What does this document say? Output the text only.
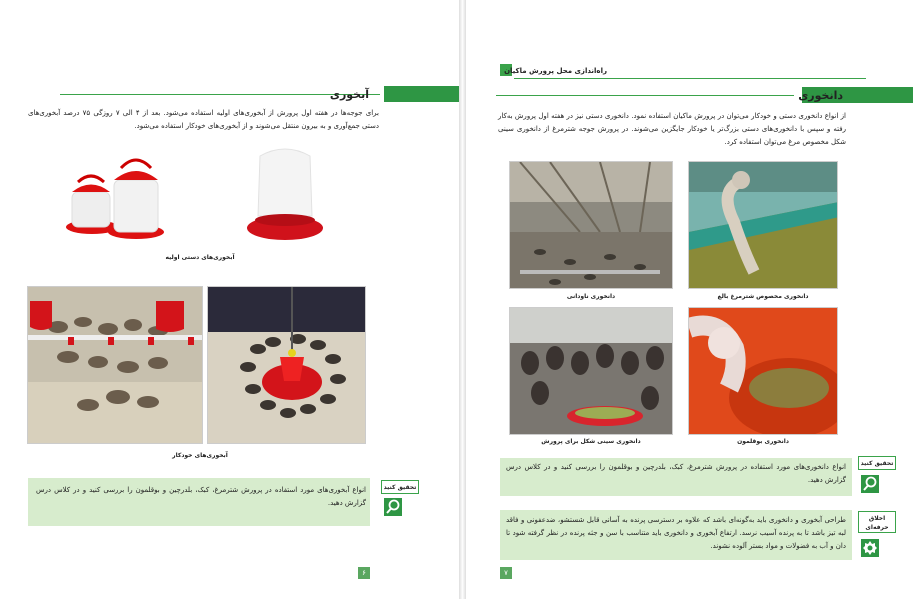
آبخوری
برای جوجه‌ها در هفته اول پرورش از آبخوری‌های اولیه استفاده می‌شود. بعد از ۴ الی ۷ روزگی ۷۵ درصد آبخوری‌های دستی جمع‌آوری و به بیرون منتقل می‌شوند و از آبخوری‌های خودکار استفاده می‌شود.
آبخوری‌های دستی اولیه
آبخوری‌های خودکار
انواع آبخوری‌های مورد استفاده در پرورش شترمرغ، کبک، بلدرچین و بوقلمون را بررسی کنید و در کلاس درس گزارش دهید.
تحقیق کنید
۶
راه‌اندازی محل پرورش ماکیان
دانخوری
از انواع دانخوری دستی و خودکار می‌توان در پرورش ماکیان استفاده نمود. دانخوری دستی نیز در هفته اول پرورش به‌کار رفته و سپس با دانخوری‌های دستی بزرگ‌تر یا خودکار جایگزین می‌شوند. در پرورش جوجه شترمرغ از دانخوری سینی شکل مخصوص مرغ می‌توان استفاده کرد.
دانخوری مخصوص شترمرغ بالغ
دانخوری ناودانی
دانخوری بوقلمون
دانخوری سینی شکل برای پرورش
انواع دانخوری‌های مورد استفاده در پرورش شترمرغ، کبک، بلدرچین و بوقلمون را بررسی کنید و در کلاس درس گزارش دهید.
تحقیق کنید
طراحی آبخوری و دانخوری باید به‌گونه‌ای باشد که علاوه بر دسترسی پرنده به آسانی قابل شستشو، ضدعفونی و فاقد لبه تیز باشد تا به پرنده آسیب نرسد. ارتفاع آبخوری و دانخوری باید متناسب با سن و جثه پرنده در نظر گرفته شود تا دان و آب به فضولات و مواد بستر آلوده نشوند.
اخلاق حرفه‌ای
۷
